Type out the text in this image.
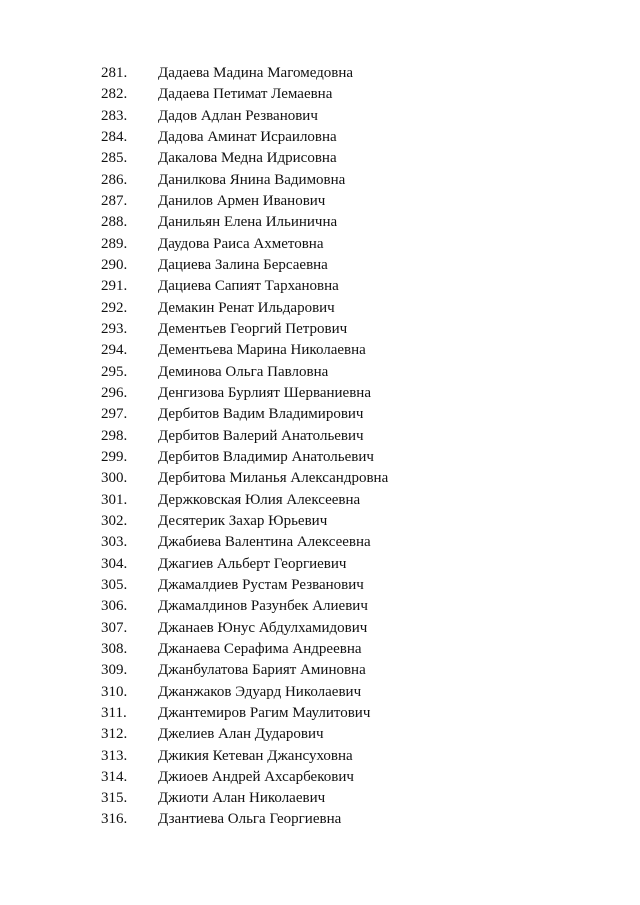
281.	Дадаева Мадина Магомедовна
282.	Дадаева Петимат Лемаевна
283.	Дадов Адлан Резванович
284.	Дадова Аминат Исраиловна
285.	Дакалова Медна Идрисовна
286.	Данилкова Янина Вадимовна
287.	Данилов Армен Иванович
288.	Данильян Елена Ильинична
289.	Даудова Раиса Ахметовна
290.	Дациева Залина Берсаевна
291.	Дациева Сапият Тархановна
292.	Демакин Ренат Ильдарович
293.	Дементьев Георгий Петрович
294.	Дементьева Марина Николаевна
295.	Деминова Ольга Павловна
296.	Денгизова Бурлият Шерваниевна
297.	Дербитов Вадим Владимирович
298.	Дербитов Валерий Анатольевич
299.	Дербитов Владимир Анатольевич
300.	Дербитова Миланья Александровна
301.	Держковская Юлия Алексеевна
302.	Десятерик Захар Юрьевич
303.	Джабиева Валентина Алексеевна
304.	Джагиев Альберт Георгиевич
305.	Джамалдиев Рустам Резванович
306.	Джамалдинов Разунбек Алиевич
307.	Джанаев Юнус Абдулхамидович
308.	Джанаева Серафима Андреевна
309.	Джанбулатова Барият Аминовна
310.	Джанжаков Эдуард Николаевич
311.	Джантемиров Рагим Маулитович
312.	Джелиев Алан Дударович
313.	Джикия Кетеван Джансуховна
314.	Джиоев Андрей Ахсарбекович
315.	Джиоти Алан Николаевич
316.	Дзантиева Ольга Георгиевна
